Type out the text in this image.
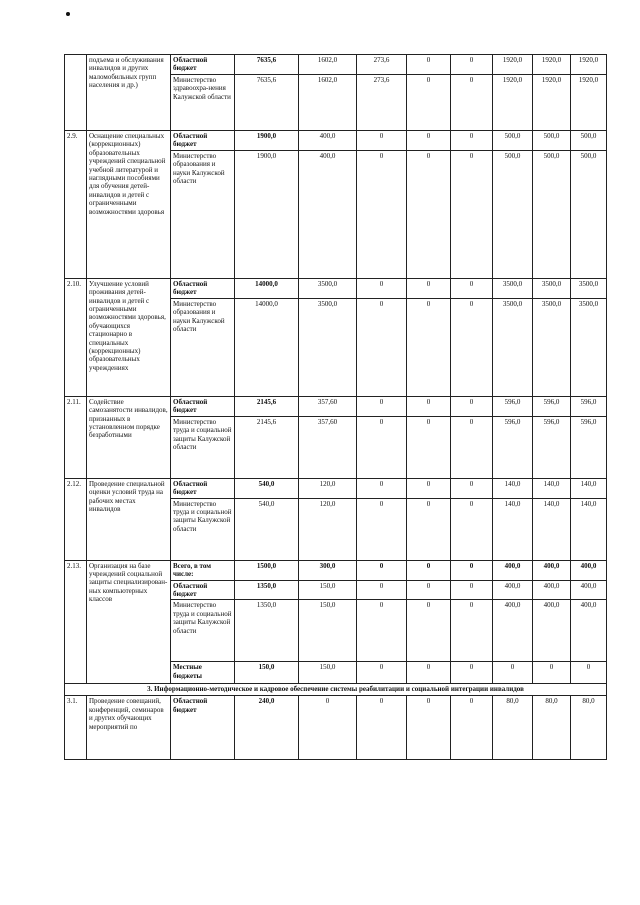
	подъема и обслуживания инвалидов и других маломобильных групп населения и др.)	Областной бюджет	7635,6	1602,0	273,6	0	0	1920,0	1920,0	1920,0
		Министерство здравоохра-нения Калужской области	7635,6	1602,0	273,6	0	0	1920,0	1920,0	1920,0
2.9.	Оснащение специальных (коррекционных) образовательных учреждений специальной учебной литературой и наглядными пособиями для обучения детей-инвалидов и детей с ограниченными возможностями здоровья	Областной бюджет	1900,0	400,0	0	0	0	500,0	500,0	500,0
		Министерство образования и науки Калужской области	1900,0	400,0	0	0	0	500,0	500,0	500,0
2.10.	Улучшение условий проживания детей-инвалидов и детей с ограниченными возможностями здоровья, обучающихся стационарно в специальных (коррекционных) образовательных учреждениях	Областной бюджет	14000,0	3500,0	0	0	0	3500,0	3500,0	3500,0
		Министерство образования и науки Калужской области	14000,0	3500,0	0	0	0	3500,0	3500,0	3500,0
2.11.	Содействие самозанятости инвалидов, признанных в установленном порядке безработными	Областной бюджет	2145,6	357,60	0	0	0	596,0	596,0	596,0
		Министерство труда и социальной защиты Калужской области	2145,6	357,60	0	0	0	596,0	596,0	596,0
2.12.	Проведение специальной оценки условий труда на рабочих местах инвалидов	Областной бюджет	540,0	120,0	0	0	0	140,0	140,0	140,0
		Министерство труда и социальной защиты Калужской области	540,0	120,0	0	0	0	140,0	140,0	140,0
2.13.	Организация на базе учреждений социальной защиты специализирован-ных компьютерных классов	Всего, в том числе:	1500,0	300,0	0	0	0	400,0	400,0	400,0
		Областной бюджет	1350,0	150,0	0	0	0	400,0	400,0	400,0
		Министерство труда и социальной защиты Калужской области	1350,0	150,0	0	0	0	400,0	400,0	400,0
		Местные бюджеты	150,0	150,0	0	0	0	0	0	0
3. Информационно-методическое и кадровое обеспечение системы реабилитации и социальной интеграции инвалидов										
3.1.	Проведение совещаний, конференций, семинаров и других обучающих мероприятий по	Областной бюджет	240,0	0	0	0	0	80,0	80,0	80,0
